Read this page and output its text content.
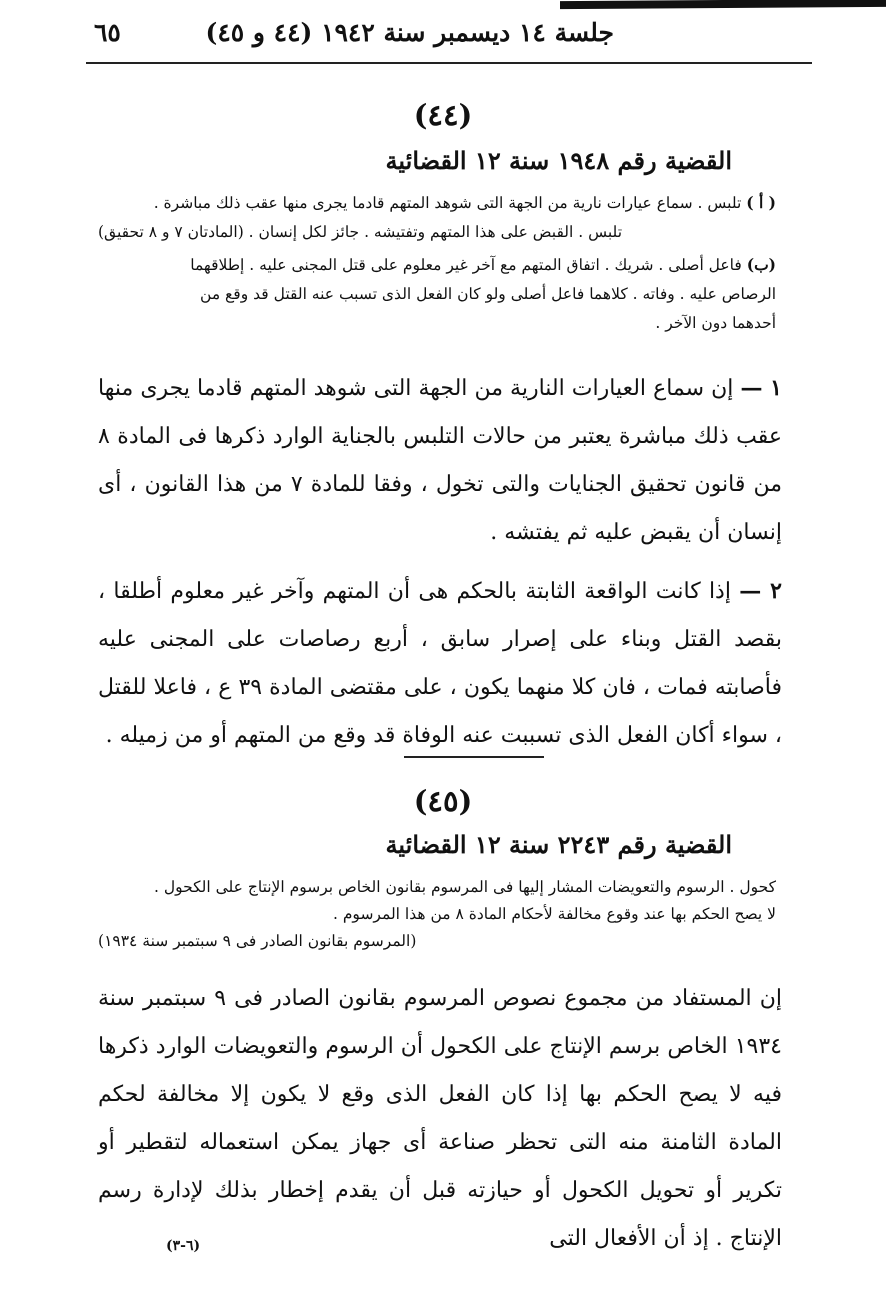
جلسة ١٤ ديسمبر سنة ١٩٤٢ (٤٤ و ٤٥)
٦٥
(٤٤)
القضية رقم ١٩٤٨ سنة ١٢ القضائية
( أ ) تلبس . سماع عيارات نارية من الجهة التى شوهد المتهم قادما يجرى منها عقب ذلك مباشرة .
تلبس . القبض على هذا المتهم وتفتيشه . جائز لكل إنسان . (المادتان ٧ و ٨ تحقيق)
(ب) فاعل أصلى . شريك . اتفاق المتهم مع آخر غير معلوم على قتل المجنى عليه . إطلاقهما
الرصاص عليه . وفاته . كلاهما فاعل أصلى ولو كان الفعل الذى تسبب عنه القتل قد وقع من
أحدهما دون الآخر .

١ — إن سماع العيارات النارية من الجهة التى شوهد المتهم قادما يجرى منها عقب ذلك مباشرة يعتبر من حالات التلبس بالجناية الوارد ذكرها فى المادة ٨ من قانون تحقيق الجنايات والتى تخول ، وفقا للمادة ٧ من هذا القانون ، أى إنسان أن يقبض عليه ثم يفتشه .

٢ — إذا كانت الواقعة الثابتة بالحكم هى أن المتهم وآخر غير معلوم أطلقا ، بقصد القتل وبناء على إصرار سابق ، أربع رصاصات على المجنى عليه فأصابته فمات ، فان كلا منهما يكون ، على مقتضى المادة ٣٩ ع ، فاعلا للقتل ، سواء أكان الفعل الذى تسببت عنه الوفاة قد وقع من المتهم أو من زميله .

(٤٥)
القضية رقم ٢٢٤٣ سنة ١٢ القضائية
كحول . الرسوم والتعويضات المشار إليها فى المرسوم بقانون الخاص برسوم الإنتاج على الكحول .
لا يصح الحكم بها عند وقوع مخالفة لأحكام المادة ٨ من هذا المرسوم .
(المرسوم بقانون الصادر فى ٩ سبتمبر سنة ١٩٣٤)

إن المستفاد من مجموع نصوص المرسوم بقانون الصادر فى ٩ سبتمبر سنة ١٩٣٤ الخاص برسم الإنتاج على الكحول أن الرسوم والتعويضات الوارد ذكرها فيه لا يصح الحكم بها إذا كان الفعل الذى وقع لا يكون إلا مخالفة لحكم المادة الثامنة منه التى تحظر صناعة أى جهاز يمكن استعماله لتقطير أو تكرير أو تحويل الكحول أو حيازته قبل أن يقدم إخطار بذلك لإدارة رسم الإنتاج . إذ أن الأفعال التى

(٦-٣)
